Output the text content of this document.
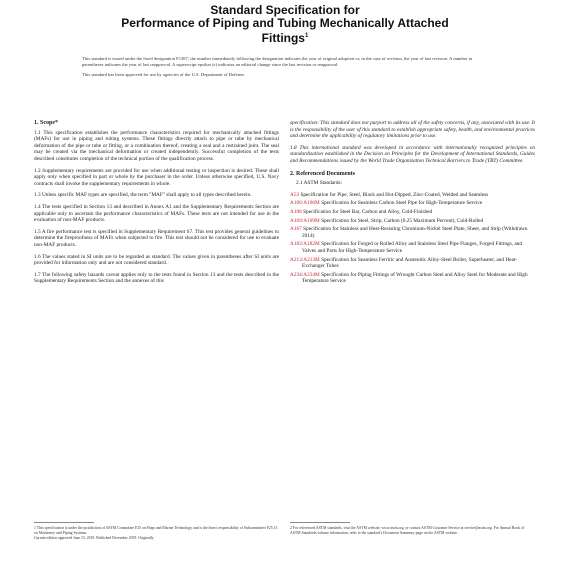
Standard Specification for
Performance of Piping and Tubing Mechanically Attached
Fittings$^1$

This standard is issued under the fixed designation F1387; the number immediately following the designation indicates the year of original adoption or, in the case of revision, the year of last revision. A number in parentheses indicates the year of last reapproval. A superscript epsilon (ε) indicates an editorial change since the last revision or reapproval.

This standard has been approved for use by agencies of the U.S. Department of Defense.

1. Scope*
1.1 This specification establishes the performance characteristics required for mechanically attached fittings (MAFs) for use in piping and tubing systems. These fittings directly attach to pipe or tube by mechanical deformation of the pipe or tube or fitting, or a combination thereof, creating a seal and a restrained joint. The seal may be created via the mechanical deformation or created independently. Successful completion of the tests described constitutes completion of the technical portion of the qualification process.
1.2 Supplementary requirements are provided for use when additional testing or inspection is desired. These shall apply only when specified in part or whole by the purchaser in the order. Unless otherwise specified, U.S. Navy contracts shall invoke the supplementary requirements in whole.
1.3 Unless specific MAF types are specified, the term "MAF" shall apply to all types described herein.
1.4 The tests specified in Section 13 and described in Annex A1 and the Supplementary Requirements Section are applicable only to ascertain the performance characteristics of MAFs. These tests are not intended for use in the evaluation of non-MAF products.
1.5 A fire performance test is specified in Supplementary Requirement S7. This test provides general guidelines to determine the fireproofness of MAFs when subjected to fire. This test should not be considered for use to evaluate non-MAF products.
1.6 The values stated in SI units are to be regarded as standard. The values given in parentheses after SI units are provided for information only and are not considered standard.
1.7 The following safety hazards caveat applies only to the tests found in Section 13 and the tests described in the Supplementary Requirements Section and the annexes of this
specification: This standard does not purport to address all of the safety concerns, if any, associated with its use. It is the responsibility of the user of this standard to establish appropriate safety, health, and environmental practices and determine the applicability of regulatory limitations prior to use.
1.8 This international standard was developed in accordance with internationally recognized principles on standardization established in the Decision on Principles for the Development of International Standards, Guides and Recommendations issued by the World Trade Organization Technical Barriers to Trade (TBT) Committee.
2. Referenced Documents
2.1 ASTM Standards:
A53 Specification for Pipe, Steel, Black and Hot-Dipped, Zinc-Coated, Welded and Seamless
A106/A106M Specification for Seamless Carbon Steel Pipe for High-Temperature Service
A108 Specification for Steel Bar, Carbon and Alloy, Cold-Finished
A109/A109M Specification for Steel, Strip, Carbon (0.25 Maximum Percent), Cold-Rolled
A167 Specification for Stainless and Heat-Resisting Chromium-Nickel Steel Plate, Sheet, and Strip (Withdrawn 2014)
A182/A182M Specification for Forged or Rolled Alloy and Stainless Steel Pipe Flanges, Forged Fittings, and Valves and Parts for High-Temperature Service
A213/A213M Specification for Seamless Ferritic and Austenitic Alloy-Steel Boiler, Superheater, and Heat-Exchanger Tubes
A234/A234M Specification for Piping Fittings of Wrought Carbon Steel and Alloy Steel for Moderate and High Temperature Service
1 This specification is under the jurisdiction of ASTM Committee F25 on Ships and Marine Technology and is the direct responsibility of Subcommittee F25.13 on Machinery and Piping Systems.
Current edition approved June 15, 2019. Published December 2019. Originally
2 For referenced ASTM standards, visit the ASTM website, www.astm.org, or contact ASTM Customer Service at service@astm.org. For Annual Book of ASTM Standards volume information, refer to the standard's Document Summary page on the ASTM website.
